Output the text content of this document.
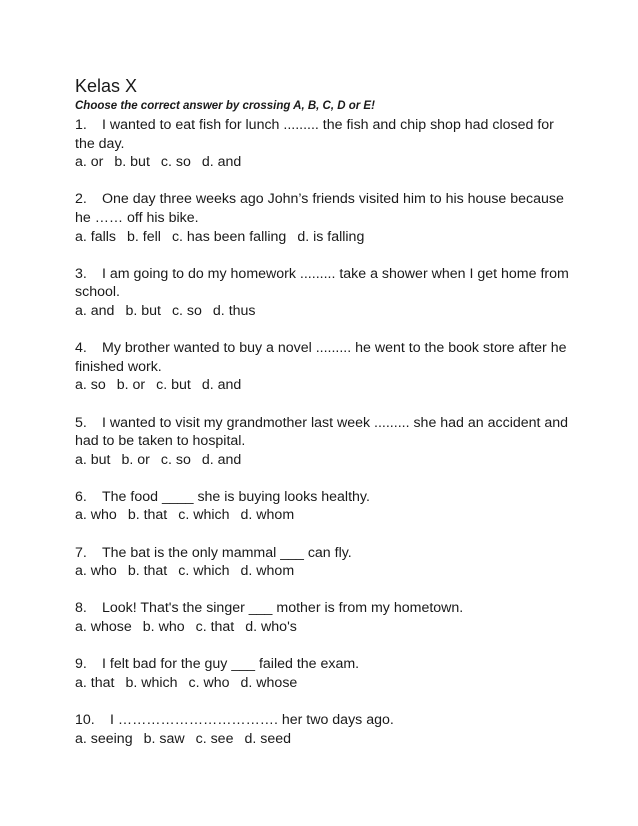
Kelas X

Choose the correct answer by crossing A, B, C, D or E!

1. I wanted to eat fish for lunch ......... the fish and chip shop had closed for the day.

a. or b. but c. so d. and

2. One day three weeks ago John’s friends visited him to his house because he …… off his bike.

a. falls b. fell c. has been falling d. is falling

3. I am going to do my homework ......... take a shower when I get home from school.

a. and b. but c. so d. thus

4. My brother wanted to buy a novel ......... he went to the book store after he finished work.

a. so b. or c. but d. and

5. I wanted to visit my grandmother last week ......... she had an accident and had to be taken to hospital.

a. but b. or c. so d. and

6. The food ____ she is buying looks healthy.

a. who b. that c. which d. whom

7. The bat is the only mammal ___ can fly.

a. who b. that c. which d. whom

8. Look! That's the singer ___ mother is from my hometown.

a. whose b. who c. that d. who's

9. I felt bad for the guy ___ failed the exam.

a. that b. which c. who d. whose

10. I ……………………………. her two days ago.

a. seeing b. saw c. see d. seed
